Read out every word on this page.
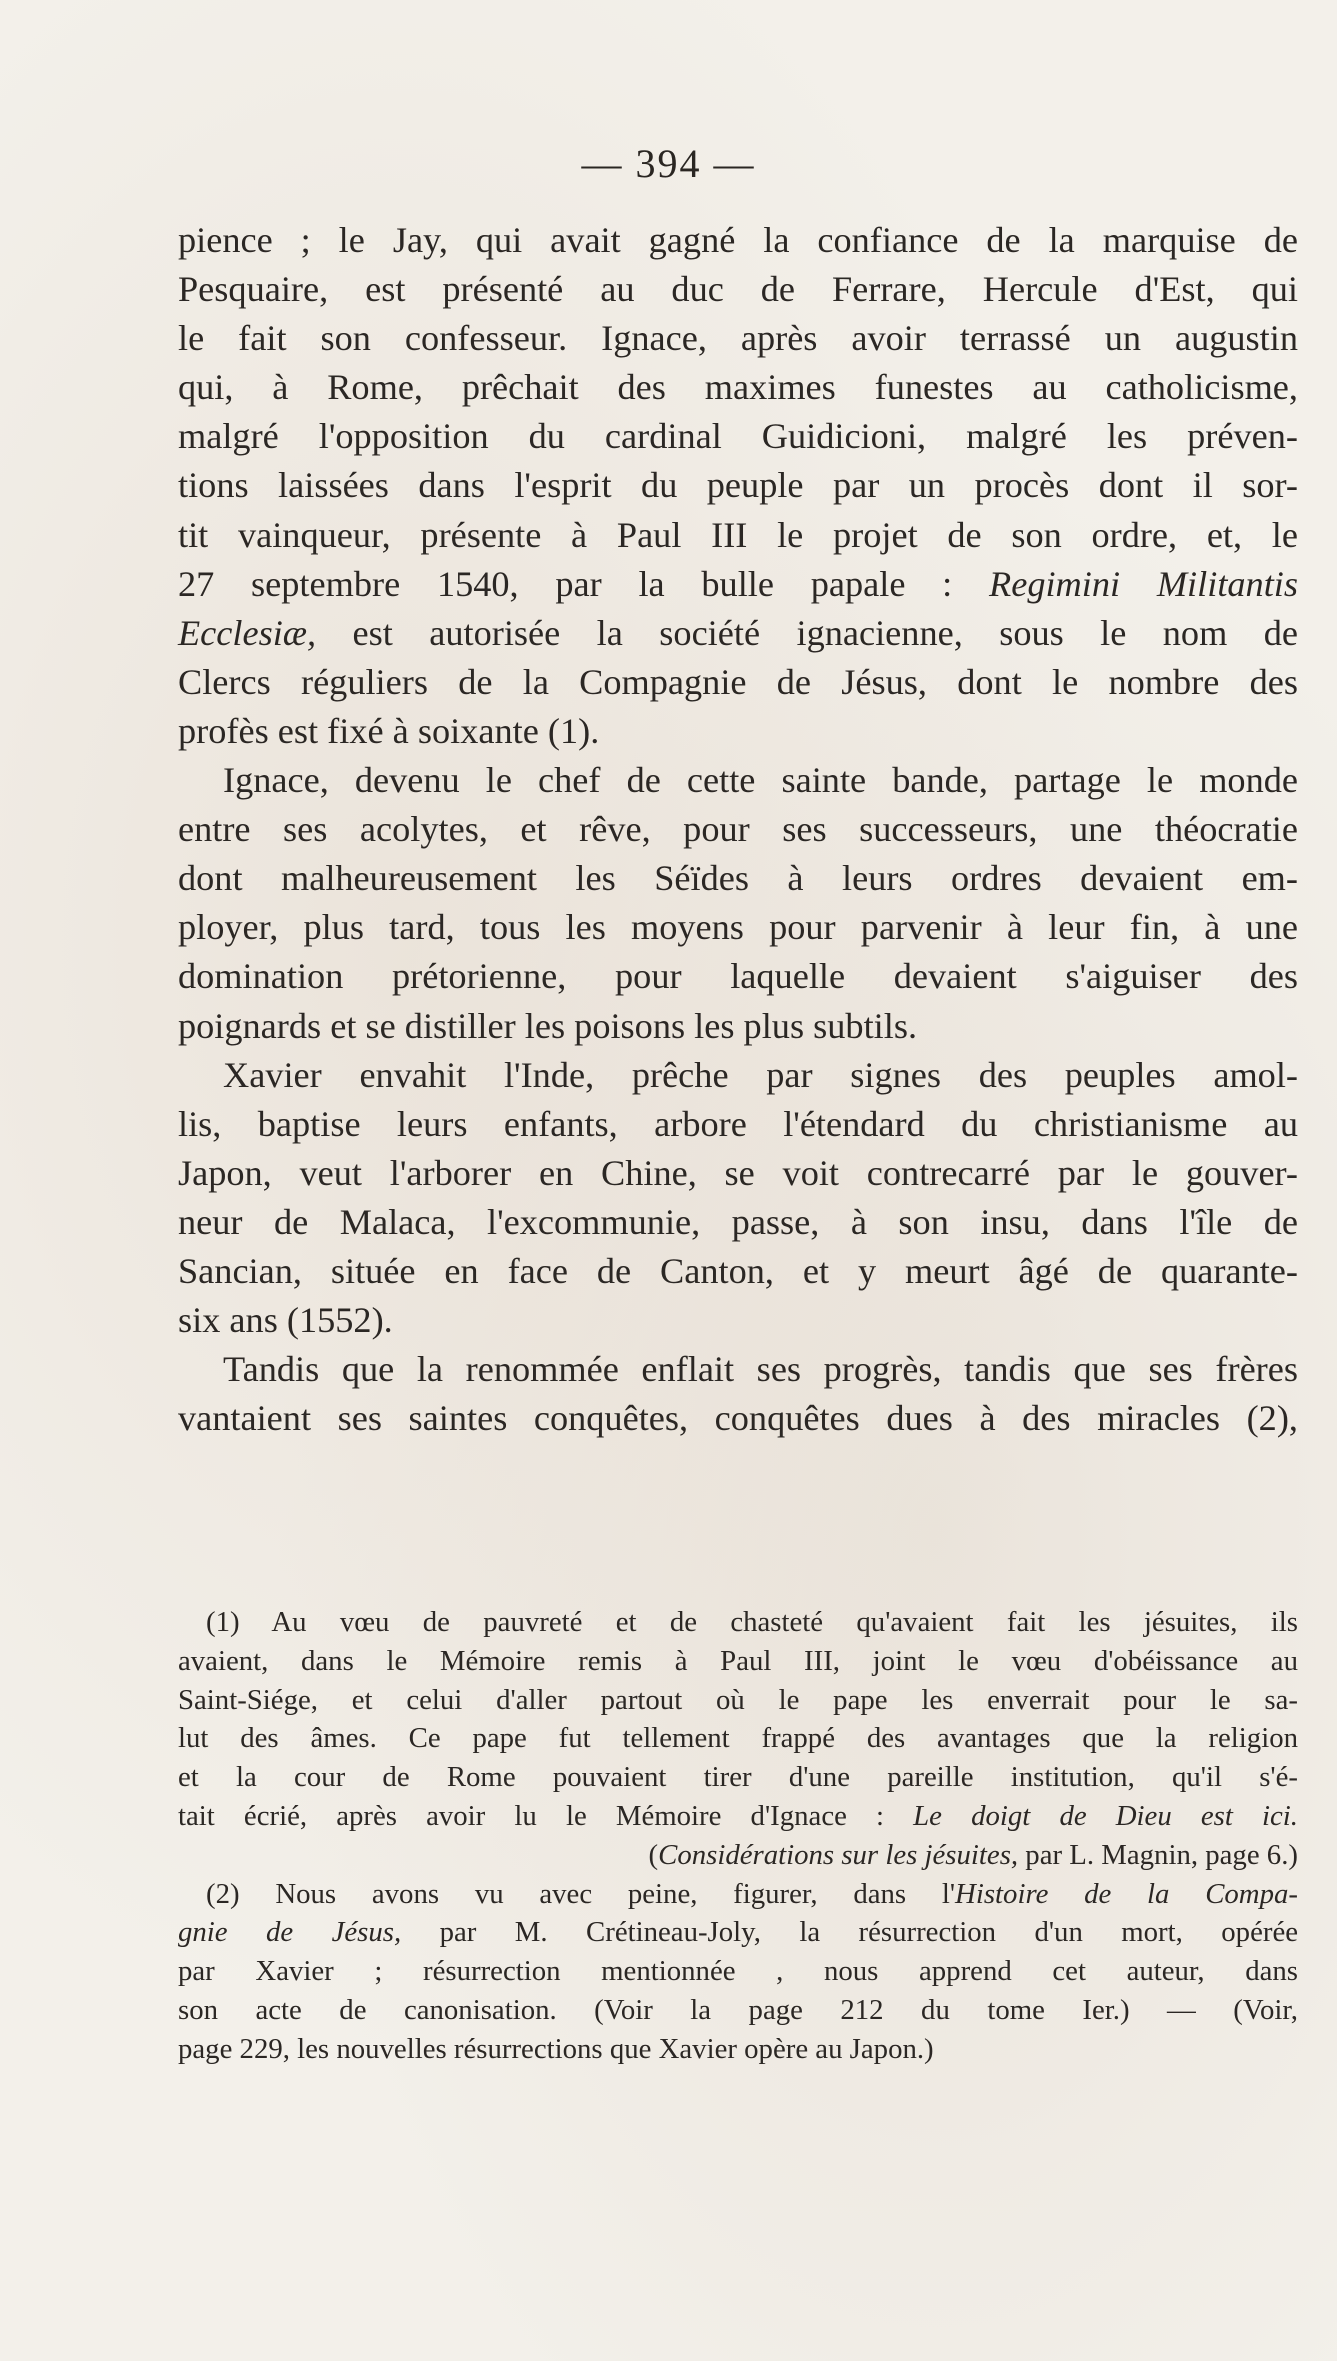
— 394 —

pience ; le Jay, qui avait gagné la confiance de la marquise de

Pesquaire, est présenté au duc de Ferrare, Hercule d'Est, qui

le fait son confesseur. Ignace, après avoir terrassé un augustin

qui, à Rome, prêchait des maximes funestes au catholicisme,

malgré l'opposition du cardinal Guidicioni, malgré les préven-

tions laissées dans l'esprit du peuple par un procès dont il sor-

tit vainqueur, présente à Paul III le projet de son ordre, et, le

27 septembre 1540, par la bulle papale : Regimini Militantis

Ecclesiæ, est autorisée la société ignacienne, sous le nom de

Clercs réguliers de la Compagnie de Jésus, dont le nombre des

profès est fixé à soixante (1).

Ignace, devenu le chef de cette sainte bande, partage le monde

entre ses acolytes, et rêve, pour ses successeurs, une théocratie

dont malheureusement les Séïdes à leurs ordres devaient em-

ployer, plus tard, tous les moyens pour parvenir à leur fin, à une

domination prétorienne, pour laquelle devaient s'aiguiser des

poignards et se distiller les poisons les plus subtils.

Xavier envahit l'Inde, prêche par signes des peuples amol-

lis, baptise leurs enfants, arbore l'étendard du christianisme au

Japon, veut l'arborer en Chine, se voit contrecarré par le gouver-

neur de Malaca, l'excommunie, passe, à son insu, dans l'île de

Sancian, située en face de Canton, et y meurt âgé de quarante-

six ans (1552).

Tandis que la renommée enflait ses progrès, tandis que ses frères

vantaient ses saintes conquêtes, conquêtes dues à des miracles (2),

(1) Au vœu de pauvreté et de chasteté qu'avaient fait les jésuites, ils

avaient, dans le Mémoire remis à Paul III, joint le vœu d'obéissance au

Saint-Siége, et celui d'aller partout où le pape les enverrait pour le sa-

lut des âmes. Ce pape fut tellement frappé des avantages que la religion

et la cour de Rome pouvaient tirer d'une pareille institution, qu'il s'é-

tait écrié, après avoir lu le Mémoire d'Ignace : Le doigt de Dieu est ici.

(Considérations sur les jésuites, par L. Magnin, page 6.)

(2) Nous avons vu avec peine, figurer, dans l'Histoire de la Compa-

gnie de Jésus, par M. Crétineau-Joly, la résurrection d'un mort, opérée

par Xavier ; résurrection mentionnée , nous apprend cet auteur, dans

son acte de canonisation. (Voir la page 212 du tome Ier.) — (Voir,

page 229, les nouvelles résurrections que Xavier opère au Japon.)
